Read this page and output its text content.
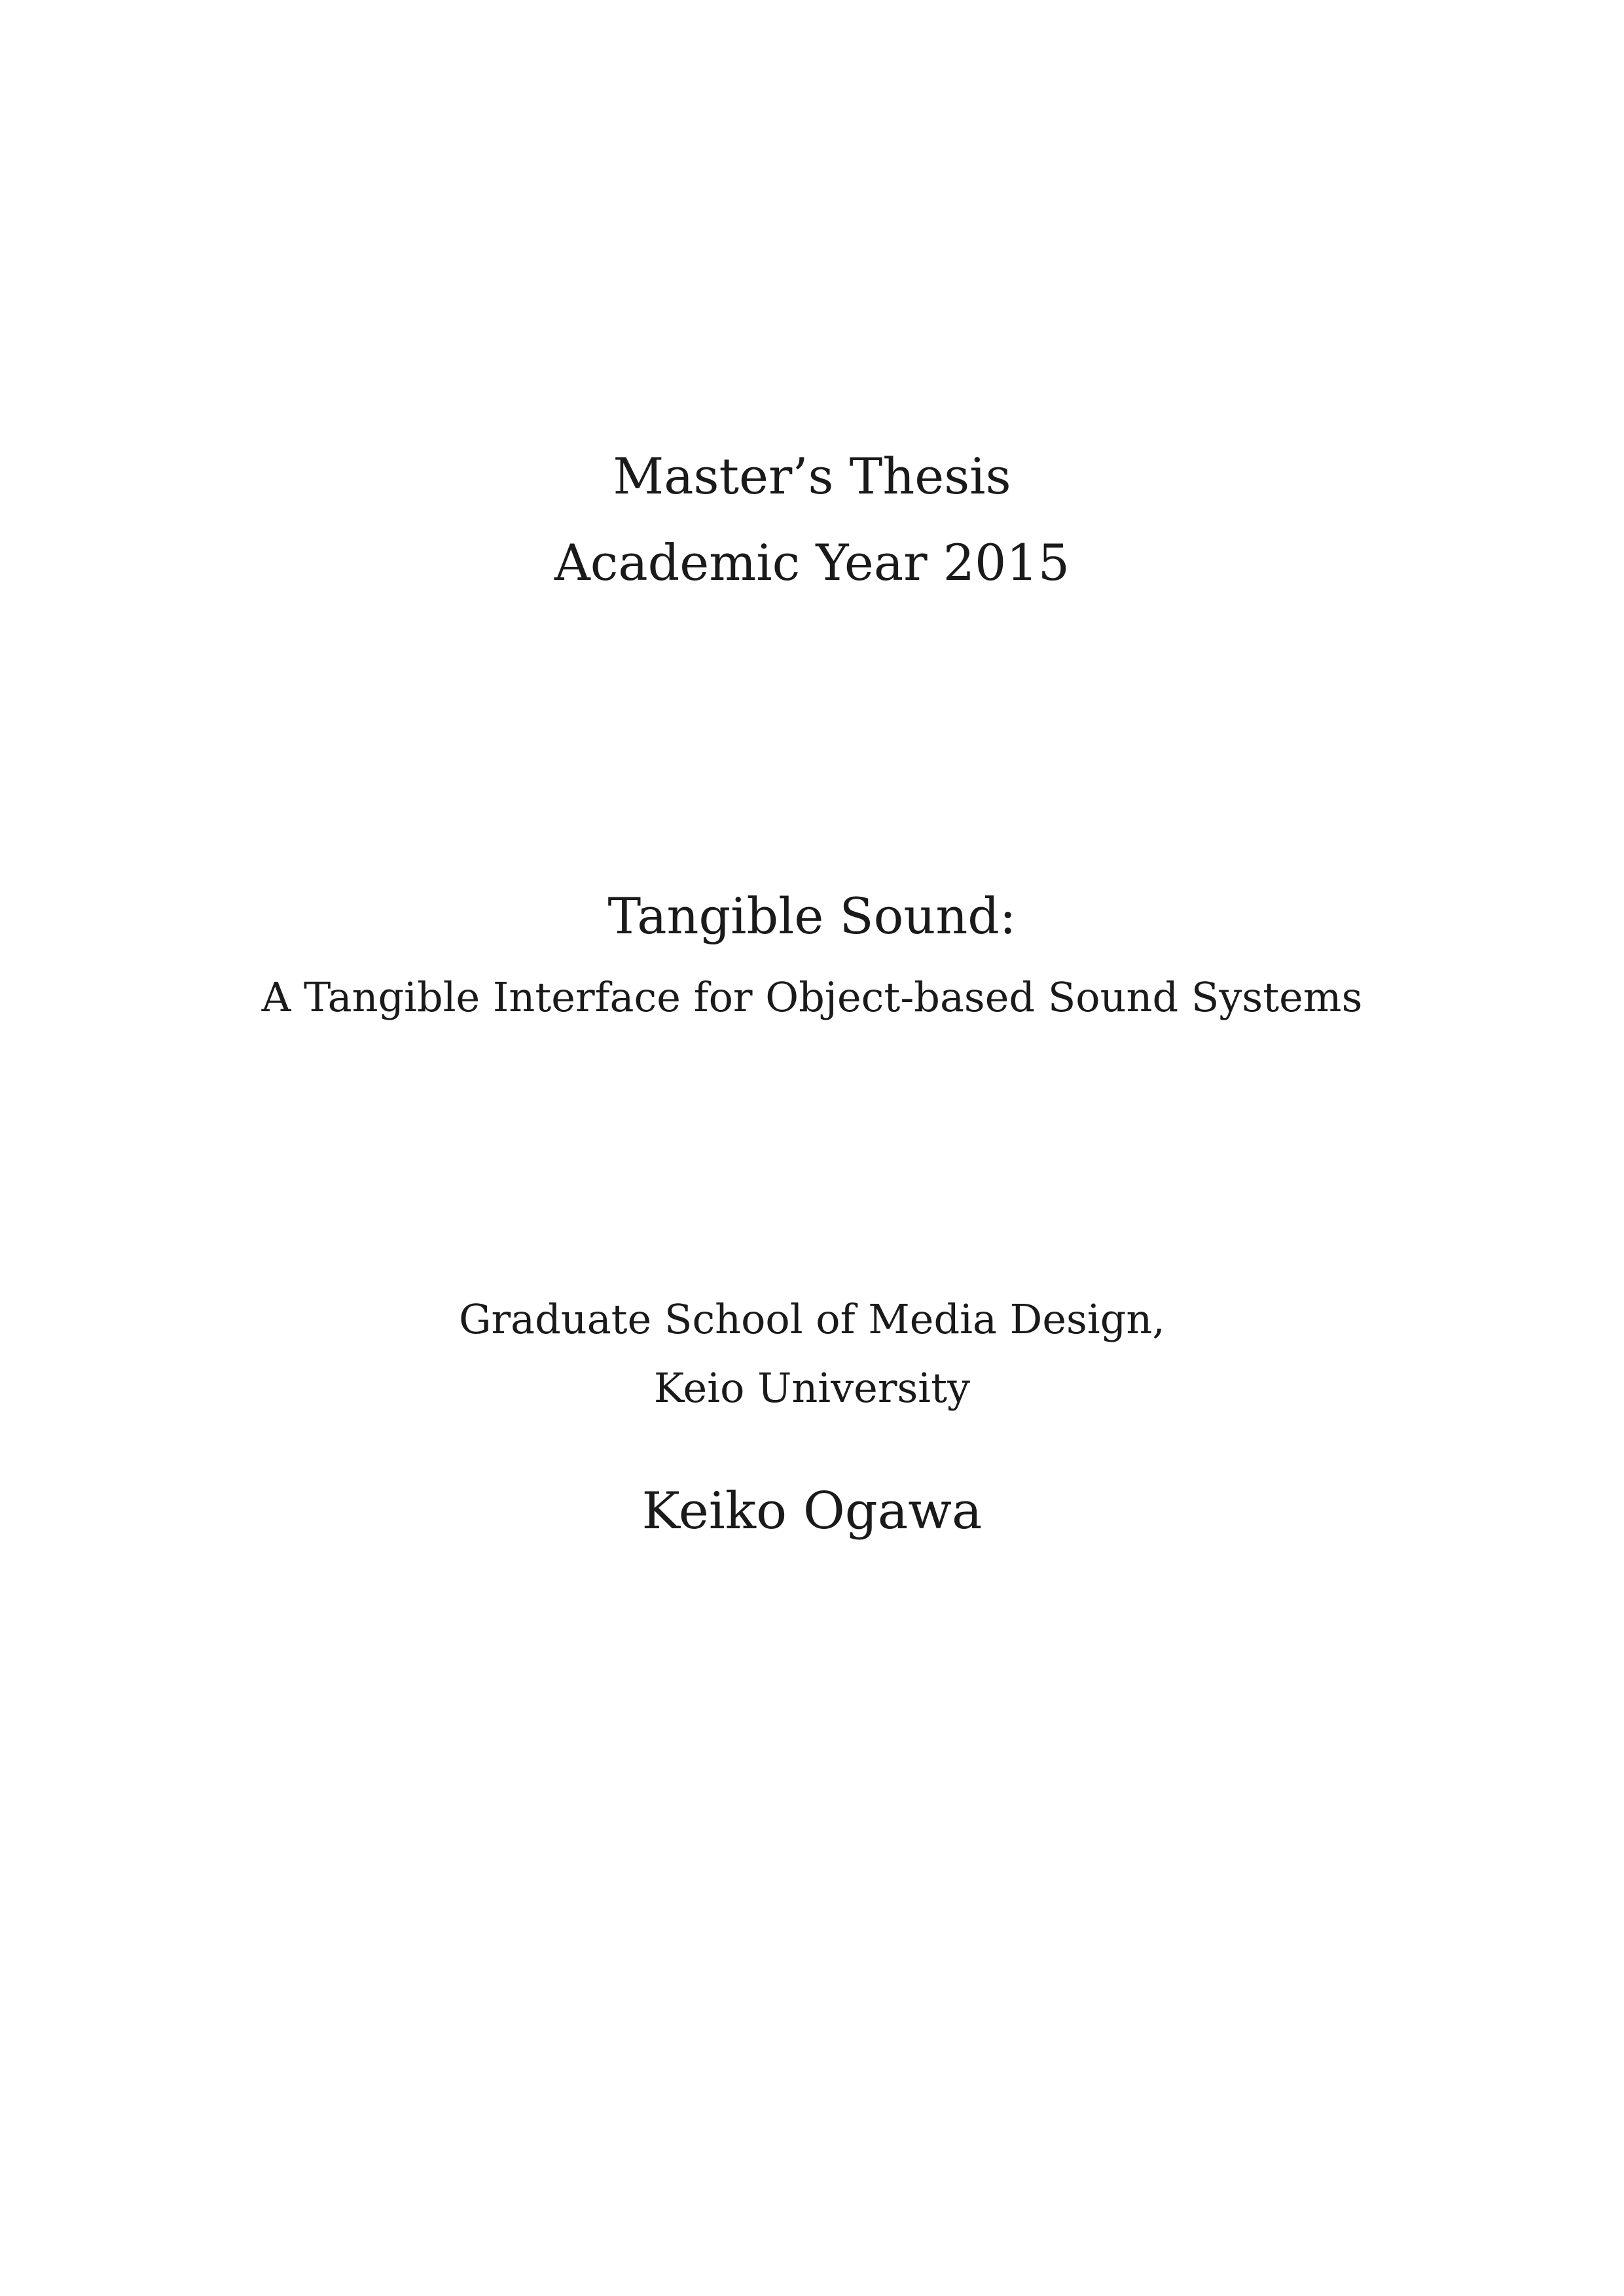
Master’s Thesis
Academic Year 2015
Tangible Sound:
A Tangible Interface for Object-based Sound Systems
Graduate School of Media Design,
Keio University
Keiko Ogawa
